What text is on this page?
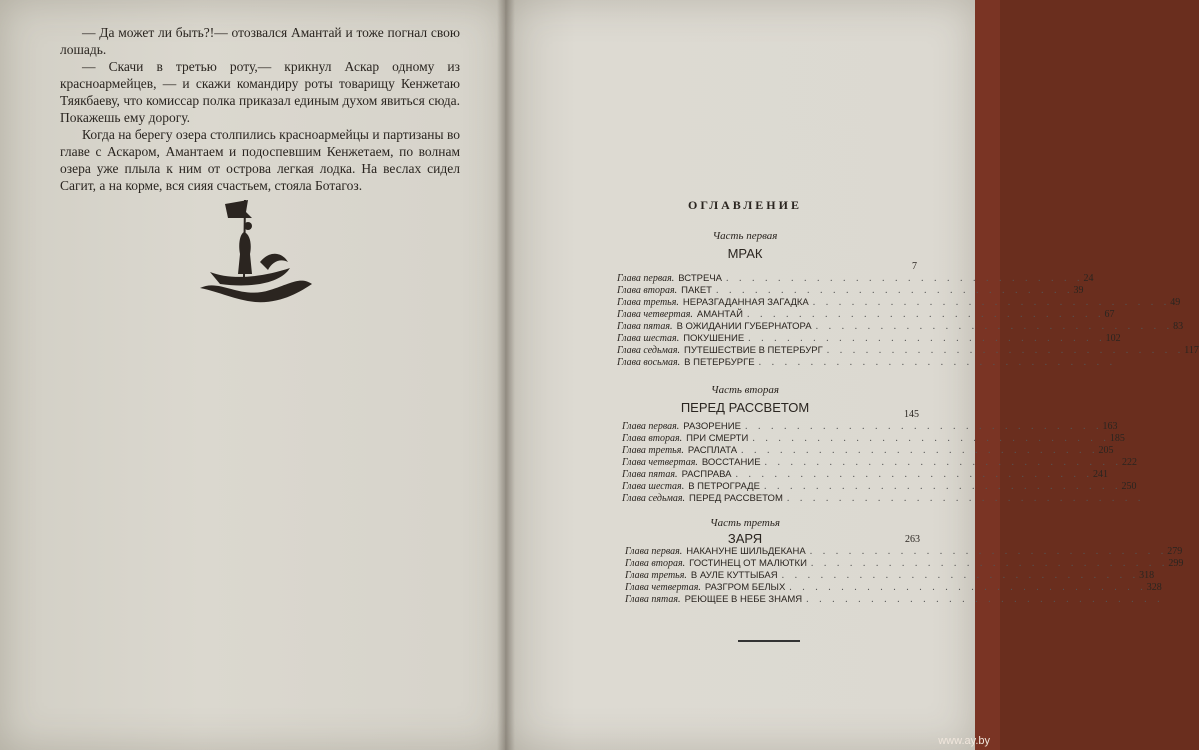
— Да может ли быть?!— отозвался Амантай и тоже погнал свою лошадь.

— Скачи в третью роту,— крикнул Аскар одному из красноармейцев, — и скажи командиру роты товарищу Кенжетаю Тяякбаеву, что комиссар полка приказал единым духом явиться сюда. Покажешь ему дорогу.

Когда на берегу озера столпились красноармейцы и партизаны во главе с Аскаром, Амантаем и подоспевшим Кенжетаем, по волнам озера уже плыла к ним от острова легкая лодка. На веслах сидел Сагит, а на корме, вся сияя счастьем, стояла Ботагоз.

ОГЛАВЛЕНИЕ
Часть первая
МРАК
Часть вторая
ПЕРЕД РАССВЕТОМ
Часть третья
ЗАРЯ
7
Глава первая. ВСТРЕЧА . . . . . . . . . . . . . . . . . . . . . . . . . . . . 24
Глава вторая. ПАКЕТ . . . . . . . . . . . . . . . . . . . . . . . . . . . . 39
Глава третья. НЕРАЗГАДАННАЯ ЗАГАДКА . . . . . . . . . . . . . . . . . . . . . . . . . . . . 49
Глава четвертая. АМАНТАЙ . . . . . . . . . . . . . . . . . . . . . . . . . . . . 67
Глава пятая. В ОЖИДАНИИ ГУБЕРНАТОРА . . . . . . . . . . . . . . . . . . . . . . . . . . . . 83
Глава шестая. ПОКУШЕНИЕ . . . . . . . . . . . . . . . . . . . . . . . . . . . . 102
Глава седьмая. ПУТЕШЕСТВИЕ В ПЕТЕРБУРГ . . . . . . . . . . . . . . . . . . . . . . . . . . . . 117
Глава восьмая. В ПЕТЕРБУРГЕ . . . . . . . . . . . . . . . . . . . . . . . . . . . .
145
Глава первая. РАЗОРЕНИЕ . . . . . . . . . . . . . . . . . . . . . . . . . . . . 163
Глава вторая. ПРИ СМЕРТИ . . . . . . . . . . . . . . . . . . . . . . . . . . . . 185
Глава третья. РАСПЛАТА . . . . . . . . . . . . . . . . . . . . . . . . . . . . 205
Глава четвертая. ВОССТАНИЕ . . . . . . . . . . . . . . . . . . . . . . . . . . . . 222
Глава пятая. РАСПРАВА . . . . . . . . . . . . . . . . . . . . . . . . . . . . 241
Глава шестая. В ПЕТРОГРАДЕ . . . . . . . . . . . . . . . . . . . . . . . . . . . . 250
Глава седьмая. ПЕРЕД РАССВЕТОМ . . . . . . . . . . . . . . . . . . . . . . . . . . . .
263
Глава первая. НАКАНУНЕ ШИЛЬДЕКАНА . . . . . . . . . . . . . . . . . . . . . . . . . . . . 279
Глава вторая. ГОСТИНЕЦ ОТ МАЛЮТКИ . . . . . . . . . . . . . . . . . . . . . . . . . . . . 299
Глава третья. В АУЛЕ КУТТЫБАЯ . . . . . . . . . . . . . . . . . . . . . . . . . . . . 318
Глава четвертая. РАЗГРОМ БЕЛЫХ . . . . . . . . . . . . . . . . . . . . . . . . . . . . 328
Глава пятая. РЕЮЩЕЕ В НЕБЕ ЗНАМЯ . . . . . . . . . . . . . . . . . . . . . . . . . . . .
www.ay.by
